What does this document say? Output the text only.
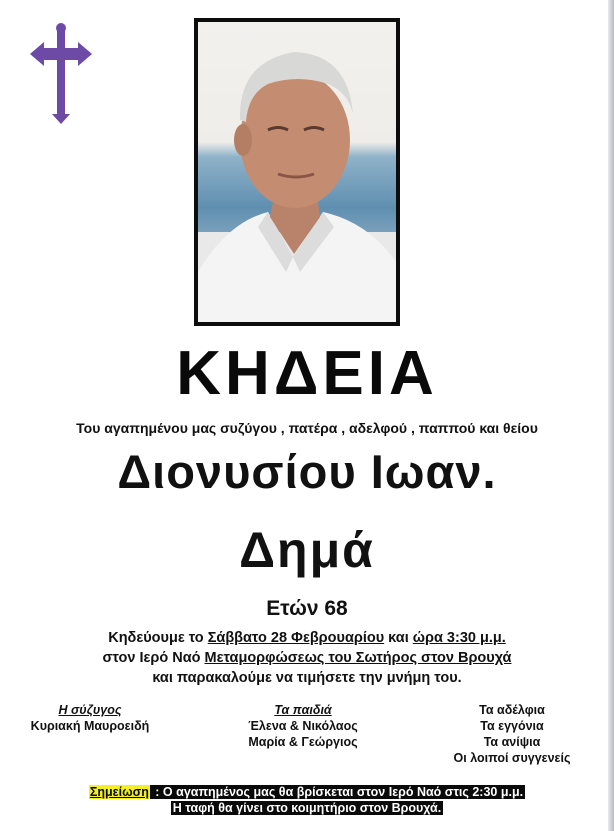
ΚΗΔΕΙΑ
Του αγαπημένου μας συζύγου , πατέρα , αδελφού , παππού και θείου
Διονυσίου Ιωαν.
Δημά
Ετών 68
Κηδεύουμε το Σάββατο 28 Φεβρουαρίου και ώρα 3:30 μ.μ.
στον Ιερό Ναό Μεταμορφώσεως του Σωτήρος στον Βρουχά
και παρακαλούμε να τιμήσετε την μνήμη του.
Η σύζυγος
Κυριακή Μαυροειδή
Τα παιδιά
Έλενα & Νικόλαος
Μαρία & Γεώργιος
Τα αδέλφια
Τα εγγόνια
Τα ανίψια
Οι λοιποί συγγενείς
Σημείωση : Ο αγαπημένος μας θα βρίσκεται στον Ιερό Ναό στις 2:30 μ.μ.
Η ταφή θα γίνει στο κοιμητήριο στον Βρουχά.
